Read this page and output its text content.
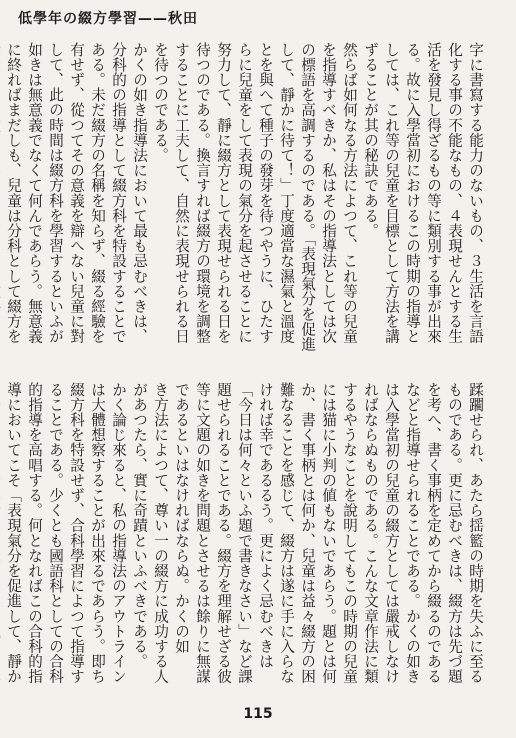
低學年の綴方學習——秋田
字に書寫する能力のないもの、３生活を言語化する事の不能なもの、４表現せんとする生活を發見し得ざるもの等に類別する事が出來る。故に入學當初におけるこの時期の指導としては、これ等の兒童を目標として方法を講ずることが其の秘訣である。
然らば如何なる方法によつて、これ等の兒童を指導すべきか、私はその指導法としては次の標語を高調するのである。「表現氣分を促進して、靜かに待て！」丁度適當な濕氣と溫度とを與へて種子の發芽を待つやうに、ひたすらに兒童をして表現の氣分を起させることに努力して、靜に綴方として表現せられる日を待つのである。換言すれば綴方の環境を調整することに工夫して、自然に表現せられる日を待つのである。
かくの如き指導法において最も忌むべきは、分科的の指導として綴方科を特設することである。未だ綴方の名稱を知らず、綴る經驗を有せず、從つてその意義を辯へない兒童に對して、此の時間は綴方科を學習するといふが如きは無意義でなくて何んであらう。無意義に終ればまだしも、兒童は分科として綴方を
蹂躙せられ、あたら揺籃の時期を失ふに至るものである。更に忌むべきは、綴方は先づ題を考へ、書く事柄を定めてから綴るのであるなどと指導せられることである。かくの如きは入學當初の兒童の綴方としては嚴戒しなければならぬものである。こんな文章作法に類するやうなことを說明してもこの時期の兒童には猫に小判の値もないであらう。題とは何か、書く事柄とは何か、兒童は益々綴方の困難なることを感じて、綴方は遂に手に入らなければ幸であるるう。更によく忌むべきは「今日は何々といふ題で書きなさい」など課題せられることである。綴方を理解せざる彼等に文題の如きを問題とさせるは餘りに無謀であるといはなければならぬ。かくの如
き方法によつて、尊い一の綴方に成功する人があつたら、實に奇蹟といふべきである。
かく論じ來ると、私の指導法のアウトラインは大體想察することが出來るであらう。即ち綴方科を特設せず、合科學習によつて指導することである。少くとも國語科としての合科的指導を高唱する。何となればこの合科的指導においてこそ「表現氣分を促進して、靜か
115
